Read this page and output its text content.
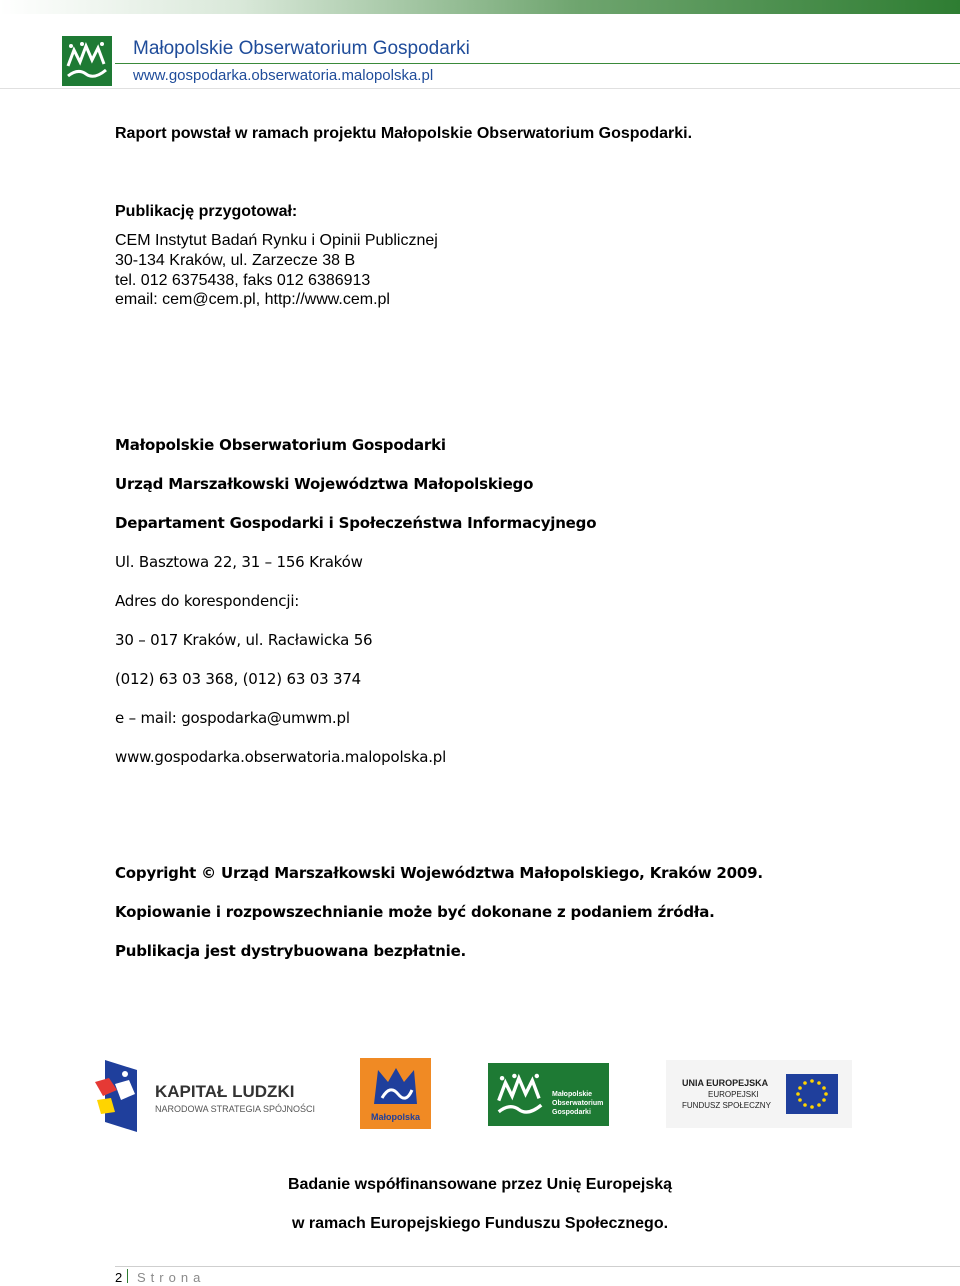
Małopolskie Obserwatorium Gospodarki
www.gospodarka.obserwatoria.malopolska.pl
Raport powstał w ramach projektu Małopolskie Obserwatorium Gospodarki.
Publikację przygotował:
CEM Instytut Badań Rynku i Opinii Publicznej
30-134 Kraków, ul. Zarzecze 38 B
tel. 012 6375438, faks 012 6386913
email: cem@cem.pl, http://www.cem.pl
Małopolskie Obserwatorium Gospodarki
Urząd Marszałkowski Województwa Małopolskiego
Departament Gospodarki i Społeczeństwa Informacyjnego
Ul. Basztowa 22, 31 – 156 Kraków
Adres do korespondencji:
30 – 017 Kraków, ul. Racławicka 56
(012) 63 03 368, (012) 63 03 374
e – mail: gospodarka@umwm.pl
www.gospodarka.obserwatoria.malopolska.pl
Copyright © Urząd Marszałkowski Województwa Małopolskiego, Kraków 2009.
Kopiowanie i rozpowszechnianie może być dokonane z podaniem źródła.
Publikacja jest dystrybuowana bezpłatnie.
KAPITAŁ LUDZKI
NARODOWA STRATEGIA SPÓJNOŚCI
Małopolska
Małopolskie
Obserwatorium
Gospodarki
UNIA EUROPEJSKA
EUROPEJSKI
FUNDUSZ SPOŁECZNY
Badanie współfinansowane przez Unię Europejską
w ramach Europejskiego Funduszu Społecznego.
2 Strona
